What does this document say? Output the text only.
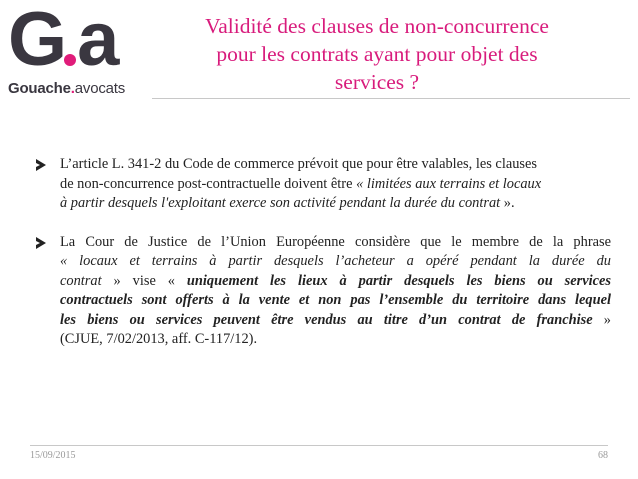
G a
Gouache.avocats
Validité des clauses de non-concurrence
pour les contrats ayant pour objet des
services ?
L’article L. 341-2 du Code de commerce prévoit que pour être valables, les clauses
de non-concurrence post-contractuelle doivent être « limitées aux terrains et locaux
à partir desquels l'exploitant exerce son activité pendant la durée du contrat ».
La Cour de Justice de l’Union Européenne considère que le membre de la phrase
« locaux et terrains à partir desquels l’acheteur a opéré pendant la durée du
contrat » vise « uniquement les lieux à partir desquels les biens ou services
contractuels sont offerts à la vente et non pas l’ensemble du territoire dans lequel
les biens ou services peuvent être vendus au titre d’un contrat de franchise »
(CJUE, 7/02/2013, aff. C-117/12).
15/09/2015	68
